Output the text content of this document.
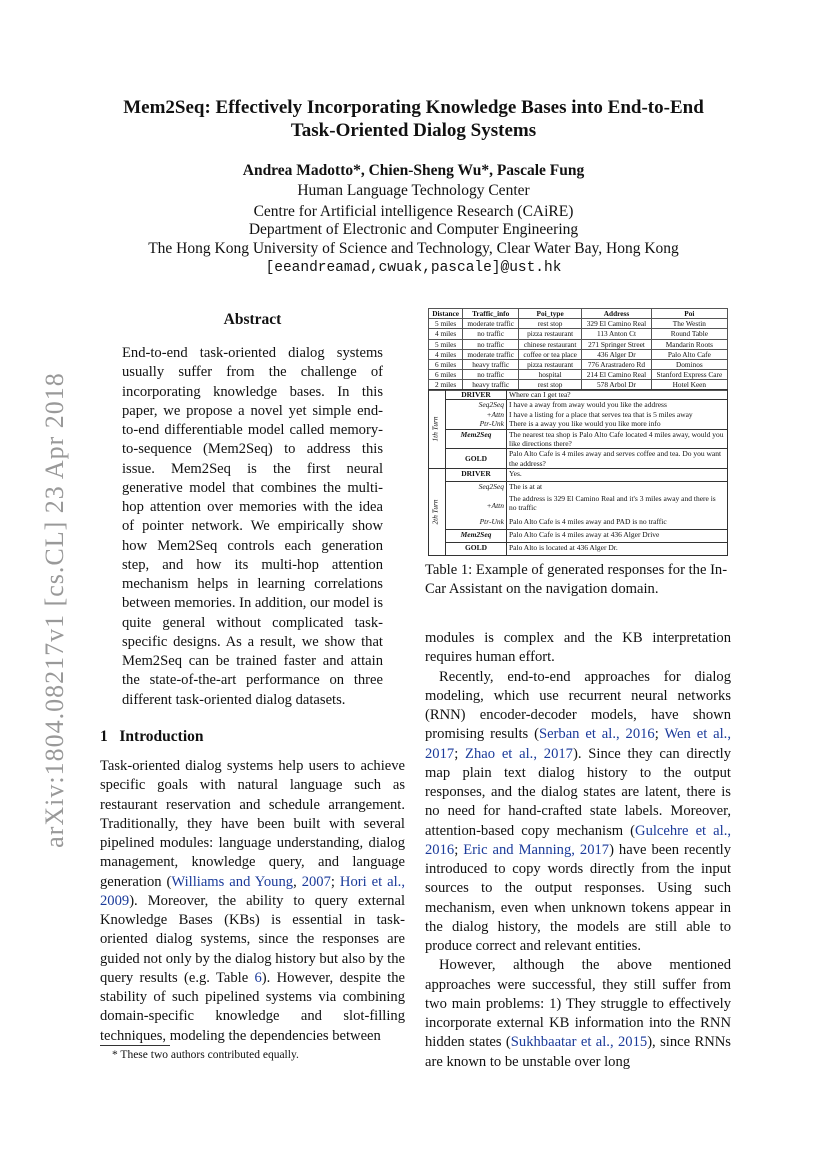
arXiv:1804.08217v1 [cs.CL] 23 Apr 2018
Mem2Seq: Effectively Incorporating Knowledge Bases into End-to-End
Task-Oriented Dialog Systems
Andrea Madotto*, Chien-Sheng Wu*, Pascale Fung
Human Language Technology Center
Centre for Artificial intelligence Research (CAiRE)
Department of Electronic and Computer Engineering
The Hong Kong University of Science and Technology, Clear Water Bay, Hong Kong
[eeandreamad,cwuak,pascale]@ust.hk
Abstract
End-to-end task-oriented dialog systems usually suffer from the challenge of incorporating knowledge bases. In this paper, we propose a novel yet simple end-to-end differentiable model called memory-to-sequence (Mem2Seq) to address this issue. Mem2Seq is the first neural generative model that combines the multi-hop attention over memories with the idea of pointer network. We empirically show how Mem2Seq controls each generation step, and how its multi-hop attention mechanism helps in learning correlations between memories. In addition, our model is quite general without complicated task-specific designs. As a result, we show that Mem2Seq can be trained faster and attain the state-of-the-art performance on three different task-oriented dialog datasets.
1 Introduction
Task-oriented dialog systems help users to achieve specific goals with natural language such as restaurant reservation and schedule arrangement. Traditionally, they have been built with several pipelined modules: language understanding, dialog management, knowledge query, and language generation (Williams and Young, 2007; Hori et al., 2009). Moreover, the ability to query external Knowledge Bases (KBs) is essential in task-oriented dialog systems, since the responses are guided not only by the dialog history but also by the query results (e.g. Table 6). However, despite the stability of such pipelined systems via combining domain-specific knowledge and slot-filling techniques, modeling the dependencies between
* These two authors contributed equally.
Distance	Traffic_info	Poi_type	Address	Poi
5 miles	moderate traffic	rest stop	329 El Camino Real	The Westin
4 miles	no traffic	pizza restaurant	113 Anton Ct	Round Table
5 miles	no traffic	chinese restaurant	271 Springer Street	Mandarin Roots
4 miles	moderate traffic	coffee or tea place	436 Alger Dr	Palo Alto Cafe
6 miles	heavy traffic	pizza restaurant	776 Arastradero Rd	Dominos
6 miles	no traffic	hospital	214 El Camino Real	Stanford Express Care
2 miles	heavy traffic	rest stop	578 Arbol Dr	Hotel Keen
1th Turn	DRIVER	Where can I get tea?
	Seq2Seq	I have a away from away would you like the address
	+Attn	I have a listing for a place that serves tea that is 5 miles away
	Ptr-Unk	There is a away you like would you like more info
	Mem2Seq	The nearest tea shop is Palo Alto Cafe located 4 miles away, would you like directions there?
	GOLD	Palo Alto Cafe is 4 miles away and serves coffee and tea. Do you want the address?

2th Turn	DRIVER	Yes.
	Seq2Seq	The is at at
	+Attn	The address is 329 El Camino Real and it's 3 miles away and there is no traffic
	Ptr-Unk	Palo Alto Cafe is 4 miles away and PAD is no traffic
	Mem2Seq	Palo Alto Cafe is 4 miles away at 436 Alger Drive
	GOLD	Palo Alto is located at 436 Alger Dr.
Table 1: Example of generated responses for the In-Car Assistant on the navigation domain.

modules is complex and the KB interpretation requires human effort.

Recently, end-to-end approaches for dialog modeling, which use recurrent neural networks (RNN) encoder-decoder models, have shown promising results (Serban et al., 2016; Wen et al., 2017; Zhao et al., 2017). Since they can directly map plain text dialog history to the output responses, and the dialog states are latent, there is no need for hand-crafted state labels. Moreover, attention-based copy mechanism (Gulcehre et al., 2016; Eric and Manning, 2017) have been recently introduced to copy words directly from the input sources to the output responses. Using such mechanism, even when unknown tokens appear in the dialog history, the models are still able to produce correct and relevant entities.

However, although the above mentioned approaches were successful, they still suffer from two main problems: 1) They struggle to effectively incorporate external KB information into the RNN hidden states (Sukhbaatar et al., 2015), since RNNs are known to be unstable over long
